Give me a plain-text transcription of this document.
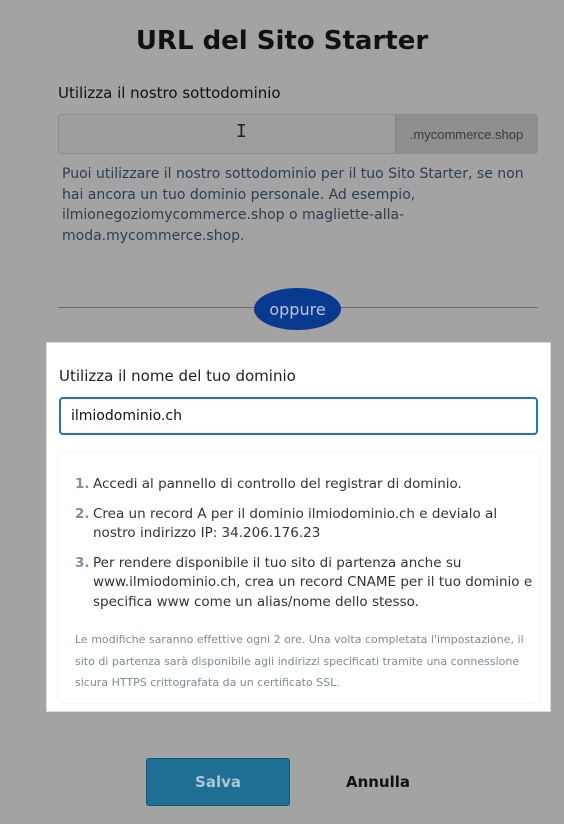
URL del Sito Starter
Utilizza il nostro sottodominio
I	.mycommerce.shop
Puoi utilizzare il nostro sottodominio per il tuo Sito Starter, se non hai ancora un tuo dominio personale. Ad esempio, ilmionegoziomycommerce.shop o magliette-alla-moda.mycommerce.shop.
oppure
Utilizza il nome del tuo dominio
ilmiodominio.ch
1. Accedi al pannello di controllo del registrar di dominio.
2. Crea un record A per il dominio ilmiodominio.ch e devialo al nostro indirizzo IP: 34.206.176.23
3. Per rendere disponibile il tuo sito di partenza anche su www.ilmiodominio.ch, crea un record CNAME per il tuo dominio e specifica www come un alias/nome dello stesso.
Le modifiche saranno effettive ogni 2 ore. Una volta completata l'impostazione, il sito di partenza sarà disponibile agli indirizzi specificati tramite una connessione sicura HTTPS crittografata da un certificato SSL.
Salva	Annulla
